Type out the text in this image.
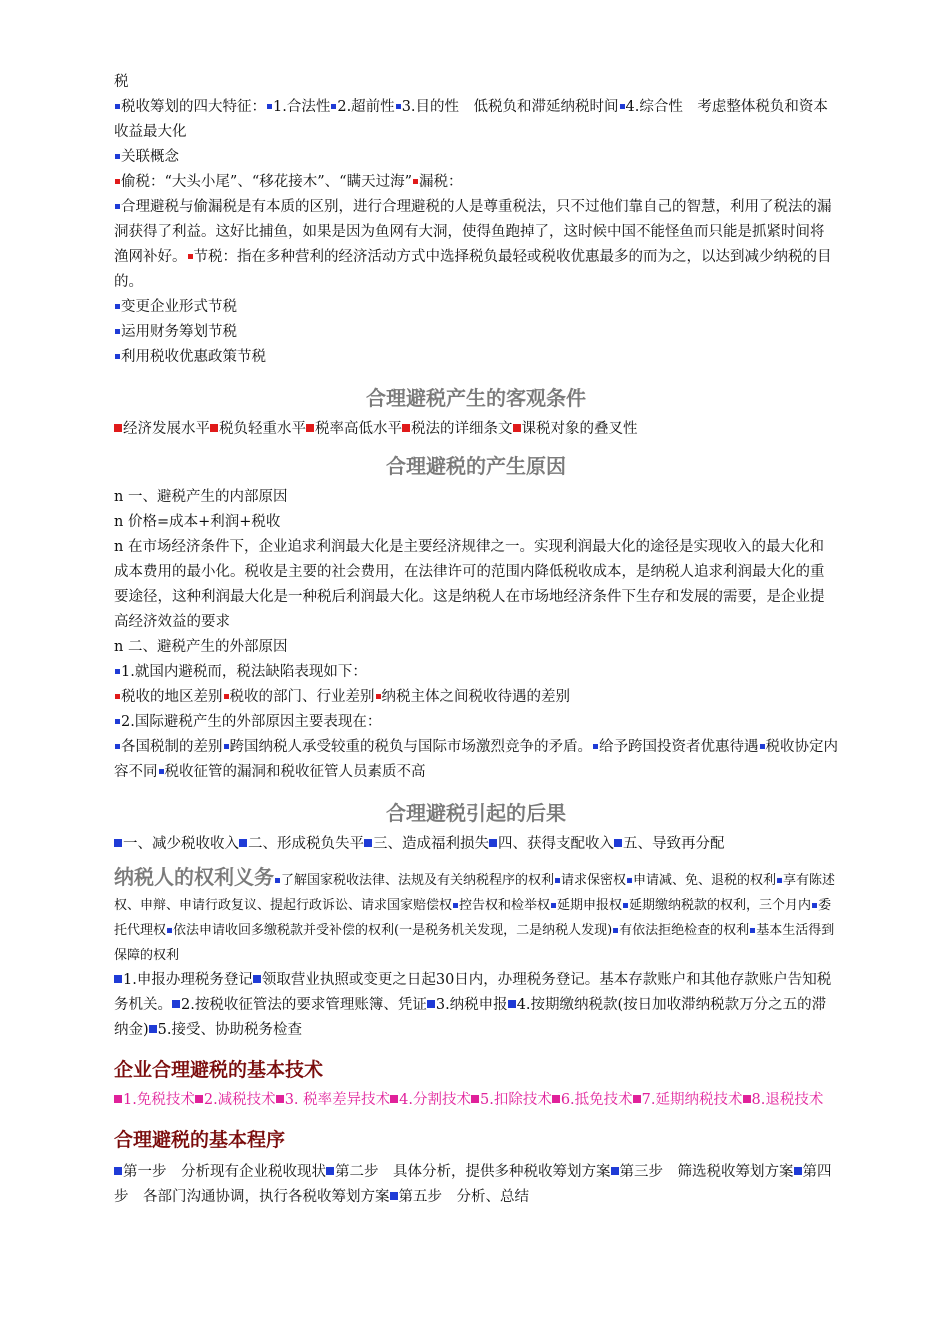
税

税收筹划的四大特征： 1.合法性 2.超前性 3.目的性　低税负和滞延纳税时间 4.综合性　考虑整体税负和资本收益最大化

关联概念

偷税：“大头小尾”、“移花接木”、“瞒天过海” 漏税：

合理避税与偷漏税是有本质的区别，进行合理避税的人是尊重税法，只不过他们靠自己的智慧，利用了税法的漏洞获得了利益。这好比捕鱼，如果是因为鱼网有大洞，使得鱼跑掉了，这时候中国不能怪鱼而只能是抓紧时间将渔网补好。 节税：指在多种营利的经济活动方式中选择税负最轻或税收优惠最多的而为之，以达到减少纳税的目的。

变更企业形式节税

运用财务筹划节税

利用税收优惠政策节税

合理避税产生的客观条件

经济发展水平 税负轻重水平 税率高低水平 税法的详细条文 课税对象的叠叉性

合理避税的产生原因

n 一、避税产生的内部原因

n 价格=成本+利润+税收

n 在市场经济条件下，企业追求利润最大化是主要经济规律之一。实现利润最大化的途径是实现收入的最大化和成本费用的最小化。税收是主要的社会费用，在法律许可的范围内降低税收成本，是纳税人追求利润最大化的重要途径，这种利润最大化是一种税后利润最大化。这是纳税人在市场地经济条件下生存和发展的需要，是企业提高经济效益的要求

n 二、避税产生的外部原因

1.就国内避税而，税法缺陷表现如下：

税收的地区差别 税收的部门、行业差别 纳税主体之间税收待遇的差别

2.国际避税产生的外部原因主要表现在：

各国税制的差别 跨国纳税人承受较重的税负与国际市场激烈竞争的矛盾。 给予跨国投资者优惠待遇 税收协定内容不同 税收征管的漏洞和税收征管人员素质不高

合理避税引起的后果

一、减少税收收入 二、形成税负失平 三、造成福利损失 四、获得支配收入 五、导致再分配

纳税人的权利义务 了解国家税收法律、法规及有关纳税程序的权利 请求保密权 申请减、免、退税的权利 享有陈述权、申辩、申请行政复议、提起行政诉讼、请求国家赔偿权 控告权和检举权 延期申报权 延期缴纳税款的权利，三个月内 委托代理权 依法申请收回多缴税款并受补偿的权利(一是税务机关发现，二是纳税人发现) 有依法拒绝检查的权利 基本生活得到保障的权利

1.申报办理税务登记 领取营业执照或变更之日起30日内，办理税务登记。基本存款账户和其他存款账户告知税务机关。 2.按税收征管法的要求管理账簿、凭证 3.纳税申报 4.按期缴纳税款(按日加收滞纳税款万分之五的滞纳金) 5.接受、协助税务检查

企业合理避税的基本技术

1.免税技术 2.减税技术 3. 税率差异技术 4.分割技术 5.扣除技术 6.抵免技术 7.延期纳税技术 8.退税技术

合理避税的基本程序

第一步　分析现有企业税收现状 第二步　具体分析，提供多种税收筹划方案 第三步　筛选税收筹划方案 第四步　各部门沟通协调，执行各税收筹划方案 第五步　分析、总结
